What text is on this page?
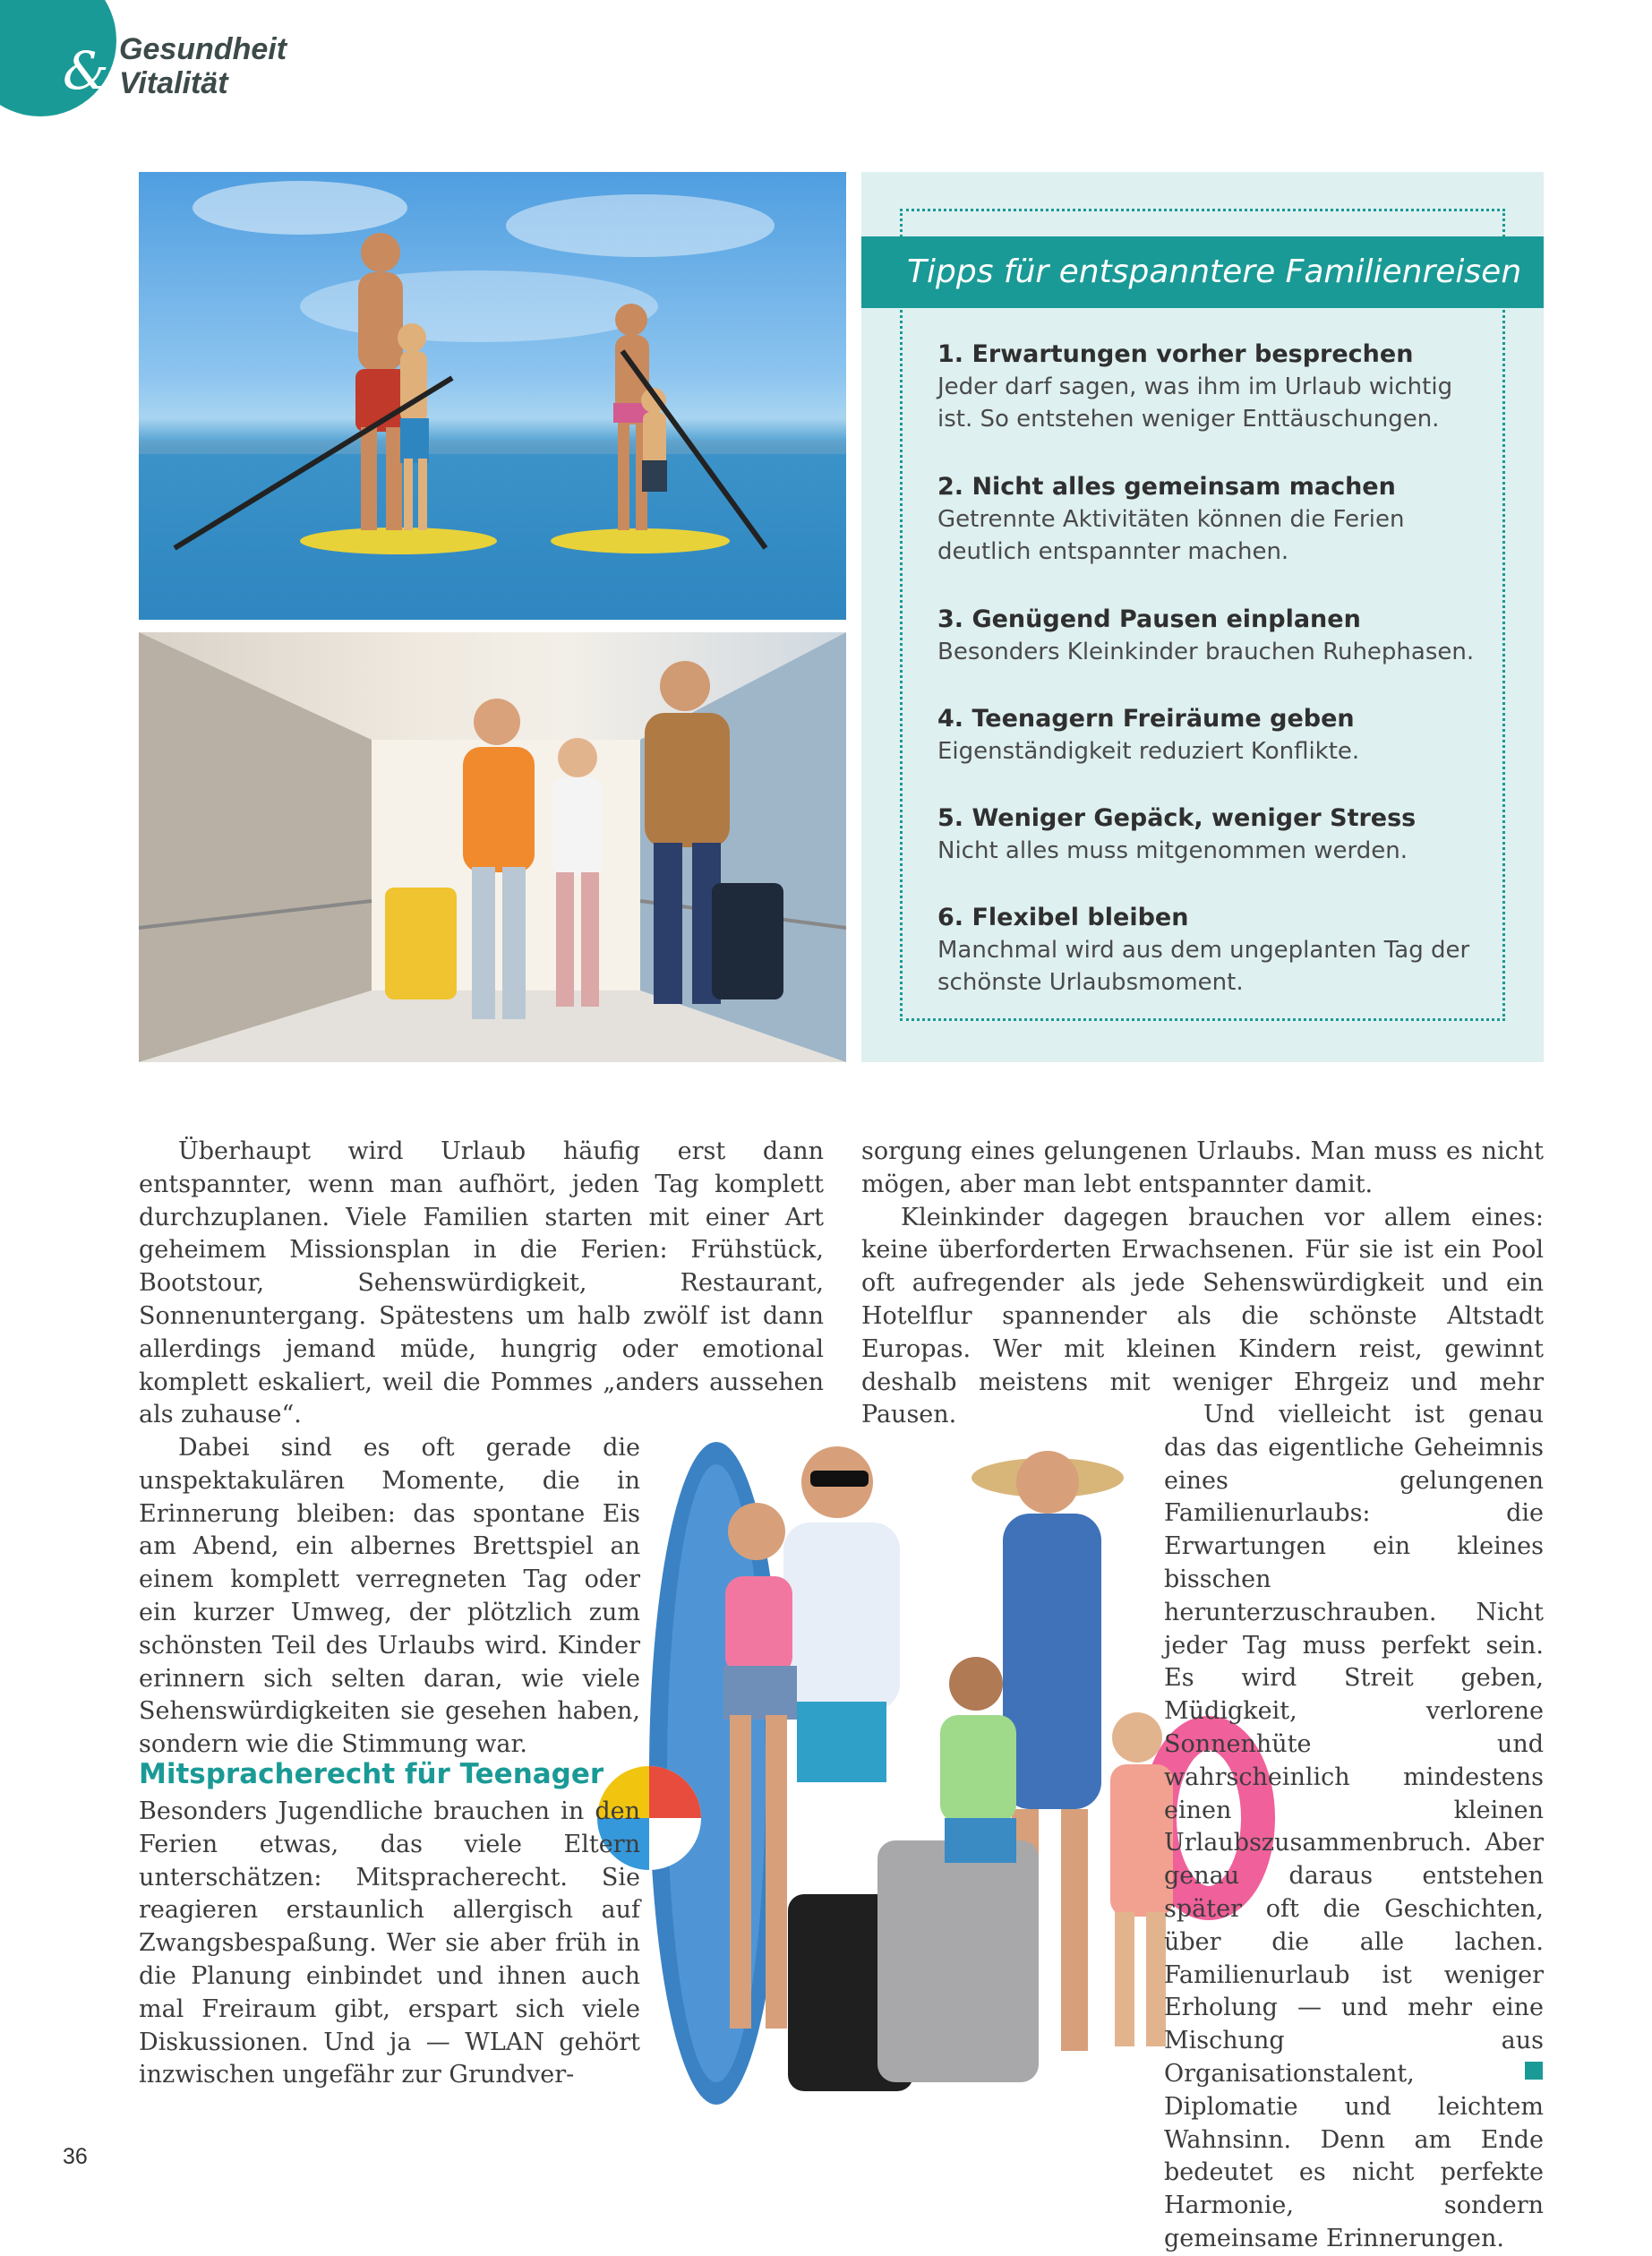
& Gesundheit
Vitalität
Tipps für entspanntere Familienreisen
1. Erwartungen vorher besprechen
Jeder darf sagen, was ihm im Urlaub wichtig ist. So entstehen weniger Enttäuschungen.
2. Nicht alles gemeinsam machen
Getrennte Aktivitäten können die Ferien deutlich entspannter machen.
3. Genügend Pausen einplanen
Besonders Kleinkinder brauchen Ruhephasen.
4. Teenagern Freiräume geben
Eigenständigkeit reduziert Konflikte.
5. Weniger Gepäck, weniger Stress
Nicht alles muss mitgenommen werden.
6. Flexibel bleiben
Manchmal wird aus dem ungeplanten Tag der schönste Urlaubsmoment.

Überhaupt wird Urlaub häufig erst dann entspannter, wenn man aufhört, jeden Tag komplett durchzuplanen. Viele Familien starten mit einer Art geheimem Missionsplan in die Ferien: Frühstück, Bootstour, Sehenswürdigkeit, Restaurant, Sonnenuntergang. Spätestens um halb zwölf ist dann allerdings jemand müde, hungrig oder emotional komplett eskaliert, weil die Pommes „anders aussehen als zuhause“.

Dabei sind es oft gerade die unspektakulären Momente, die in Erinnerung bleiben: das spontane Eis am Abend, ein albernes Brettspiel an einem komplett verregneten Tag oder ein kurzer Umweg, der plötzlich zum schönsten Teil des Urlaubs wird. Kinder erinnern sich selten daran, wie viele Sehenswürdigkeiten sie gesehen haben, sondern wie die Stimmung war.

Mitspracherecht für Teenager

Besonders Jugendliche brauchen in den Ferien etwas, das viele Eltern unterschätzen: Mitspracherecht. Sie reagieren erstaunlich allergisch auf Zwangsbespaßung. Wer sie aber früh in die Planung einbindet und ihnen auch mal Freiraum gibt, erspart sich viele Diskussionen. Und ja — WLAN gehört inzwischen ungefähr zur Grundver-

sorgung eines gelungenen Urlaubs. Man muss es nicht mögen, aber man lebt entspannter damit.

Kleinkinder dagegen brauchen vor allem eines: keine überforderten Erwachsenen. Für sie ist ein Pool oft aufregender als jede Sehenswürdigkeit und ein Hotelflur spannender als die schönste Altstadt Europas. Wer mit kleinen Kindern reist, gewinnt deshalb meistens mit weniger Ehrgeiz und mehr Pausen.	Und vielleicht ist genau das das eigentliche Geheimnis eines gelungenen Familienurlaubs: die Erwartungen ein kleines bisschen herunterzuschrauben. Nicht jeder Tag muss perfekt sein. Es wird Streit geben, Müdigkeit, verlorene Sonnenhüte und wahrscheinlich mindestens einen kleinen Urlaubszusammenbruch. Aber genau daraus entstehen später oft die Geschichten, über die alle lachen. Familienurlaub ist weniger Erholung — und mehr eine Mischung aus Organisationstalent, Diplomatie und leichtem Wahnsinn. Denn am Ende bedeutet es nicht perfekte Harmonie, sondern gemeinsame Erinnerungen.

36
